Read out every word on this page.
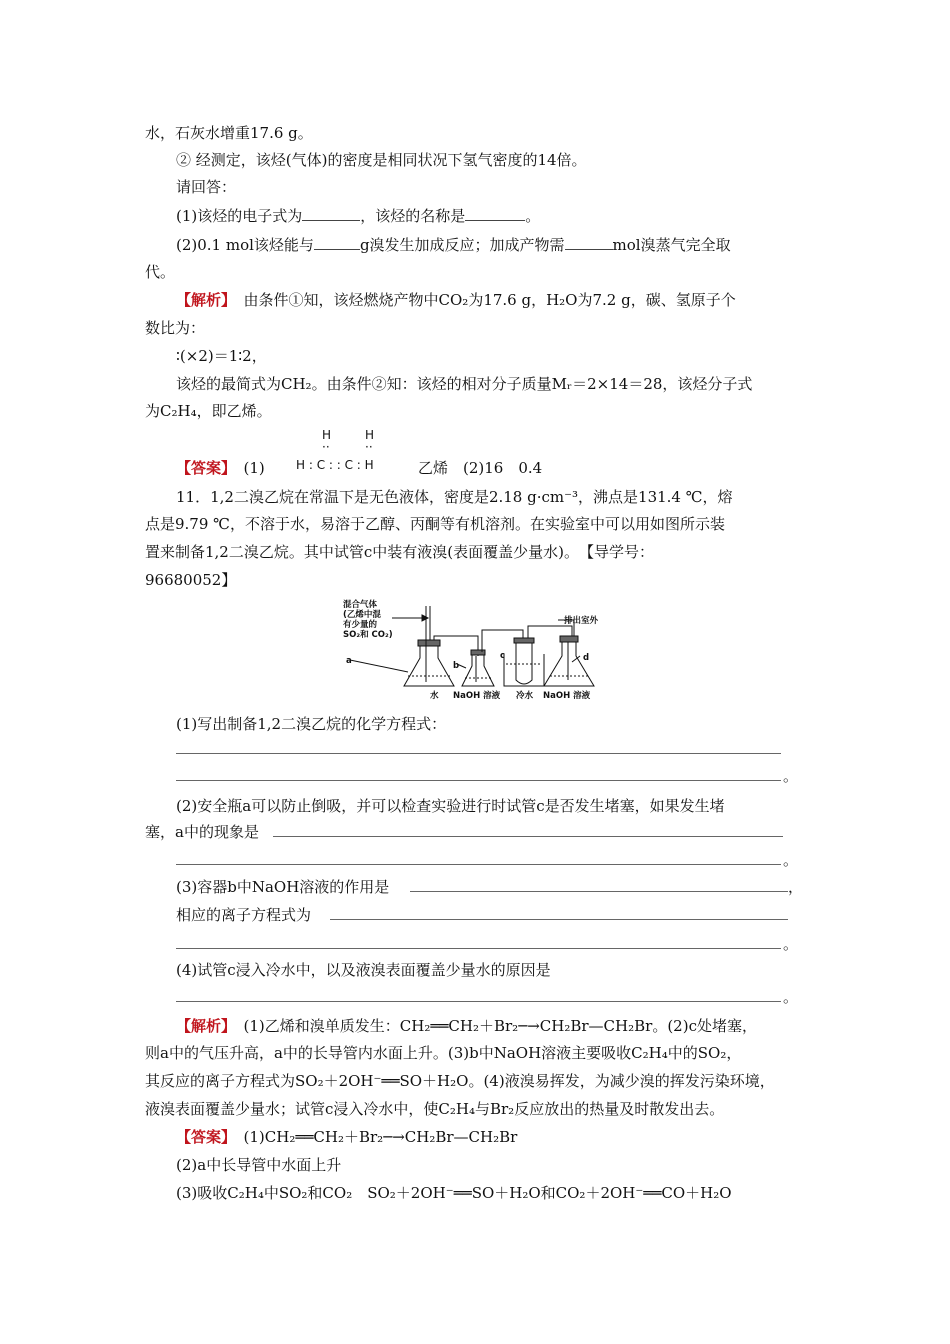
水，石灰水增重17.6 g。
② 经测定，该烃(气体)的密度是相同状况下氢气密度的14倍。
请回答：
(1)该烃的电子式为	，该烃的名称是	。
(2)0.1 mol该烃能与	g溴发生加成反应；加成产物需	mol溴蒸气完全取
代。
【解析】　 由条件①知，该烃燃烧产物中CO₂为17.6 g，H₂O为7.2 g，碳、氢原子个
数比为：
∶(×2)＝1∶2，
该烃的最简式为CH₂。由条件②知：该烃的相对分子质量Mᵣ＝2×14＝28，该烃分子式
为C₂H₄，即乙烯。
【答案】　 (1)
H	H
··	··
H : C : : C : H	乙烯　(2)16　0.4
11．1,2二溴乙烷在常温下是无色液体，密度是2.18 g·cm⁻³，沸点是131.4 ℃，熔
点是9.79 ℃，不溶于水，易溶于乙醇、丙酮等有机溶剂。在实验室中可以用如图所示装
置来制备1,2二溴乙烷。其中试管c中装有液溴(表面覆盖少量水)。　【导学号：
96680052】
混合气体
(乙烯中混
有少量的
SO₂和 CO₂)
a	b
c	d
排出室外
水 NaOH 溶液 冷水 NaOH 溶液
(1)写出制备1,2二溴乙烷的化学方程式：
。
(2)安全瓶a可以防止倒吸，并可以检查实验进行时试管c是否发生堵塞，如果发生堵
塞，a中的现象是
。
(3)容器b中NaOH溶液的作用是	，
相应的离子方程式为
。
(4)试管c浸入冷水中，以及液溴表面覆盖少量水的原因是
。
【解析】　 (1)乙烯和溴单质发生：CH₂══CH₂＋Br₂─→CH₂Br—CH₂Br。(2)c处堵塞，
则a中的气压升高，a中的长导管内水面上升。(3)b中NaOH溶液主要吸收C₂H₄中的SO₂，
其反应的离子方程式为SO₂＋2OH⁻══SO＋H₂O。(4)液溴易挥发，为减少溴的挥发污染环境，
液溴表面覆盖少量水；试管c浸入冷水中，使C₂H₄与Br₂反应放出的热量及时散发出去。
【答案】　 (1)CH₂══CH₂＋Br₂─→CH₂Br—CH₂Br
(2)a中长导管中水面上升
(3)吸收C₂H₄中SO₂和CO₂　SO₂＋2OH⁻══SO＋H₂O和CO₂＋2OH⁻══CO＋H₂O
